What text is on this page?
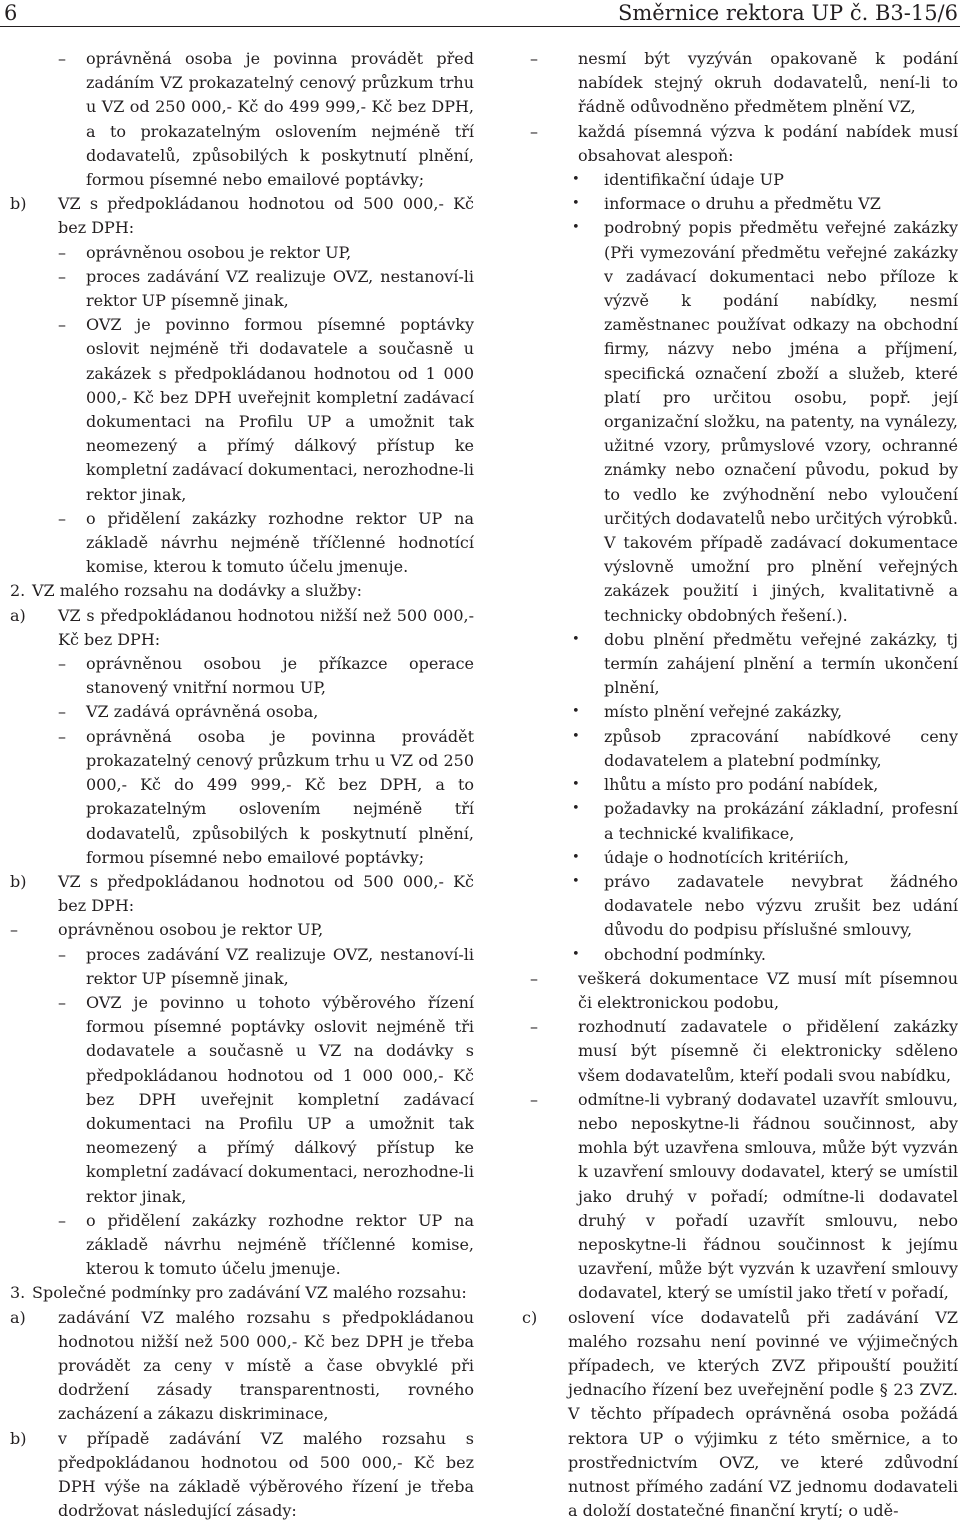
6	Směrnice rektora UP č. B3-15/6
–	oprávněná osoba je povinna provádět před zadáním VZ prokazatelný cenový průzkum trhu u VZ od 250 000,- Kč do 499 999,- Kč bez DPH, a to prokazatelným oslovením nejméně tří dodavatelů, způsobilých k poskytnutí plnění, formou písemné nebo emailové poptávky;
b)	VZ s předpokládanou hodnotou od 500 000,- Kč bez DPH:
–	oprávněnou osobou je rektor UP,
–	proces zadávání VZ realizuje OVZ, nestanoví-li rektor UP písemně jinak,
–	OVZ je povinno formou písemné poptávky oslovit nejméně tři dodavatele a současně u zakázek s předpokládanou hodnotou od 1 000 000,- Kč bez DPH uveřejnit kompletní zadávací dokumentaci na Profilu UP a umožnit tak neomezený a přímý dálkový přístup ke kompletní zadávací dokumentaci, nerozhodne-li rektor jinak,
–	o přidělení zakázky rozhodne rektor UP na základě návrhu nejméně tříčlenné hodnotící komise, kterou k tomuto účelu jmenuje.
2. VZ malého rozsahu na dodávky a služby:
a)	VZ s předpokládanou hodnotou nižší než 500 000,- Kč bez DPH:
–	oprávněnou osobou je příkazce operace stanovený vnitřní normou UP,
–	VZ zadává oprávněná osoba,
–	oprávněná osoba je povinna provádět prokazatelný cenový průzkum trhu u VZ od 250 000,- Kč do 499 999,- Kč bez DPH, a to prokazatelným oslovením nejméně tří dodavatelů, způsobilých k poskytnutí plnění, formou písemné nebo emailové poptávky;
b)	VZ s předpokládanou hodnotou od 500 000,- Kč bez DPH:
–	oprávněnou osobou je rektor UP,
–	proces zadávání VZ realizuje OVZ, nestanoví-li rektor UP písemně jinak,
–	OVZ je povinno u tohoto výběrového řízení formou písemné poptávky oslovit nejméně tři dodavatele a současně u VZ na dodávky s předpokládanou hodnotou od 1 000 000,- Kč bez DPH uveřejnit kompletní zadávací dokumentaci na Profilu UP a umožnit tak neomezený a přímý dálkový přístup ke kompletní zadávací dokumentaci, nerozhodne-li rektor jinak,
–	o přidělení zakázky rozhodne rektor UP na základě návrhu nejméně tříčlenné komise, kterou k tomuto účelu jmenuje.
3. Společné podmínky pro zadávání VZ malého rozsahu:
a)	zadávání VZ malého rozsahu s předpokládanou hodnotou nižší než 500 000,- Kč bez DPH je třeba provádět za ceny v místě a čase obvyklé při dodržení zásady transparentnosti, rovného zacházení a zákazu diskriminace,
b)	v případě zadávání VZ malého rozsahu s předpokládanou hodnotou od 500 000,- Kč bez DPH výše na základě výběrového řízení je třeba dodržovat následující zásady:
–	nesmí být vyzýván opakovaně k podání nabídek stejný okruh dodavatelů, není-li to řádně odůvodněno předmětem plnění VZ,
–	každá písemná výzva k podání nabídek musí obsahovat alespoň:
•	identifikační údaje UP
•	informace o druhu a předmětu VZ
•	podrobný popis předmětu veřejné zakázky (Při vymezování předmětu veřejné zakázky v zadávací dokumentaci nebo příloze k výzvě k podání nabídky, nesmí zaměstnanec používat odkazy na obchodní firmy, názvy nebo jména a příjmení, specifická označení zboží a služeb, které platí pro určitou osobu, popř. její organizační složku, na patenty, na vynálezy, užitné vzory, průmyslové vzory, ochranné známky nebo označení původu, pokud by to vedlo ke zvýhodnění nebo vyloučení určitých dodavatelů nebo určitých výrobků. V takovém případě zadávací dokumentace výslovně umožní pro plnění veřejných zakázek použití i jiných, kvalitativně a technicky obdobných řešení.).
•	dobu plnění předmětu veřejné zakázky, tj termín zahájení plnění a termín ukončení plnění,
•	místo plnění veřejné zakázky,
•	způsob zpracování nabídkové ceny dodavatelem a platební podmínky,
•	lhůtu a místo pro podání nabídek,
•	požadavky na prokázání základní, profesní a technické kvalifikace,
•	údaje o hodnotících kritériích,
•	právo zadavatele nevybrat žádného dodavatele nebo výzvu zrušit bez udání důvodu do podpisu příslušné smlouvy,
•	obchodní podmínky.
–	veškerá dokumentace VZ musí mít písemnou či elektronickou podobu,
–	rozhodnutí zadavatele o přidělení zakázky musí být písemně či elektronicky sděleno všem dodavatelům, kteří podali svou nabídku,
–	odmítne-li vybraný dodavatel uzavřít smlouvu, nebo neposkytne-li řádnou součinnost, aby mohla být uzavřena smlouva, může být vyzván k uzavření smlouvy dodavatel, který se umístil jako druhý v pořadí; odmítne-li dodavatel druhý v pořadí uzavřít smlouvu, nebo neposkytne-li řádnou součinnost k jejímu uzavření, může být vyzván k uzavření smlouvy dodavatel, který se umístil jako třetí v pořadí,
c)	oslovení více dodavatelů při zadávání VZ malého rozsahu není povinné ve výjimečných případech, ve kterých ZVZ připouští použití jednacího řízení bez uveřejnění podle § 23 ZVZ. V těchto případech oprávněná osoba požádá rektora UP o výjimku z této směrnice, a to prostřednictvím OVZ, ve které zdůvodní nutnost přímého zadání VZ jednomu dodavateli a doloží dostatečné finanční krytí; o udě-
